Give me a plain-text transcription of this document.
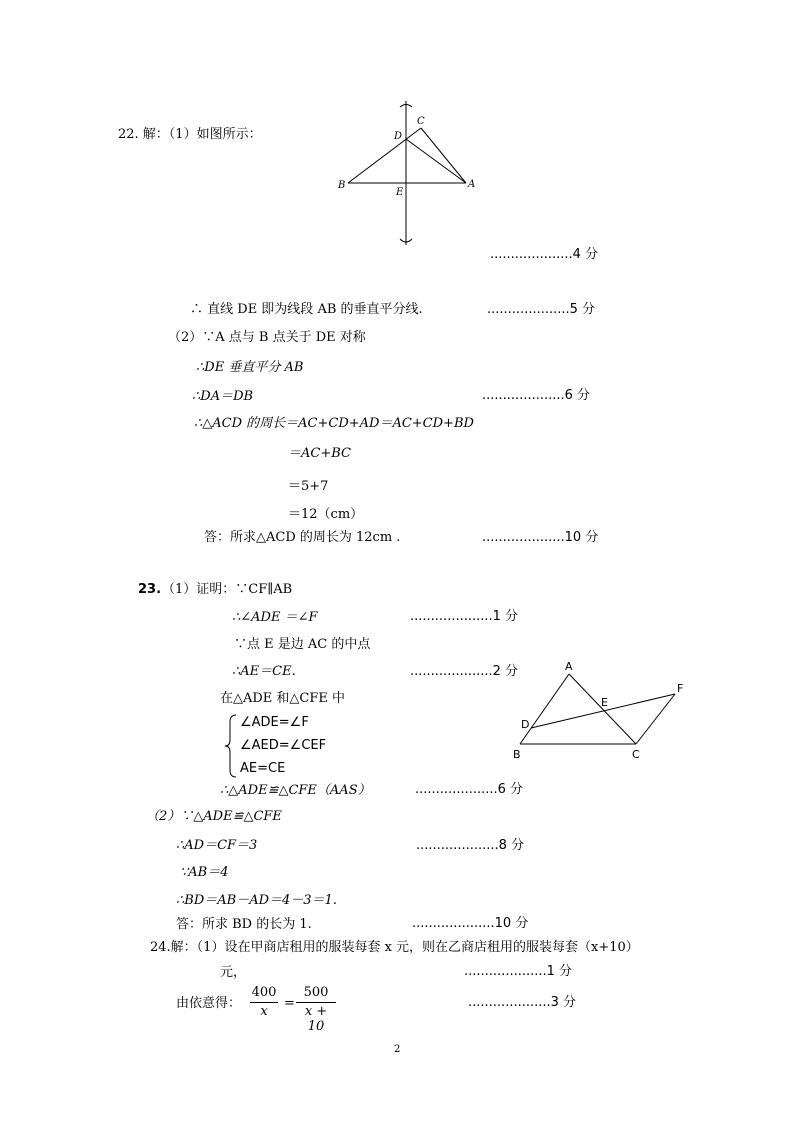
22. 解：（1）如图所示：
B	A
C
D
E
....................4 分
∴ 直线 DE 即为线段 AB 的垂直平分线.	....................5 分
（2）∵A 点与 B 点关于 DE 对称
∴DE 垂直平分 AB
∴DA＝DB	....................6 分
∴△ACD 的周长＝AC+CD+AD＝AC+CD+BD
＝AC+BC
＝5+7
＝12（cm）
答：所求△ACD 的周长为 12cm .	....................10 分
23. （1）证明：∵CF∥AB
∴∠ADE ＝∠F	....................1 分
∵点 E 是边 AC 的中点
∴AE＝CE.	....................2 分
在△ADE 和△CFE 中
∠ADE=∠F
∠AED=∠CEF
AE=CE
∴△ADE≌△CFE（AAS）	....................6 分
A
F
E
D
B	C
（2）∵△ADE≌△CFE
∴AD＝CF＝3	....................8 分
∵AB＝4
∴BD＝AB－AD＝4－3＝1.
答：所求 BD 的长为 1.	....................10 分
24.解：（1）设在甲商店租用的服装每套 x 元，则在乙商店租用的服装每套（x+10）
元，	....................1 分
由依意得：
400
x
=
500
x + 10
....................3 分
2
